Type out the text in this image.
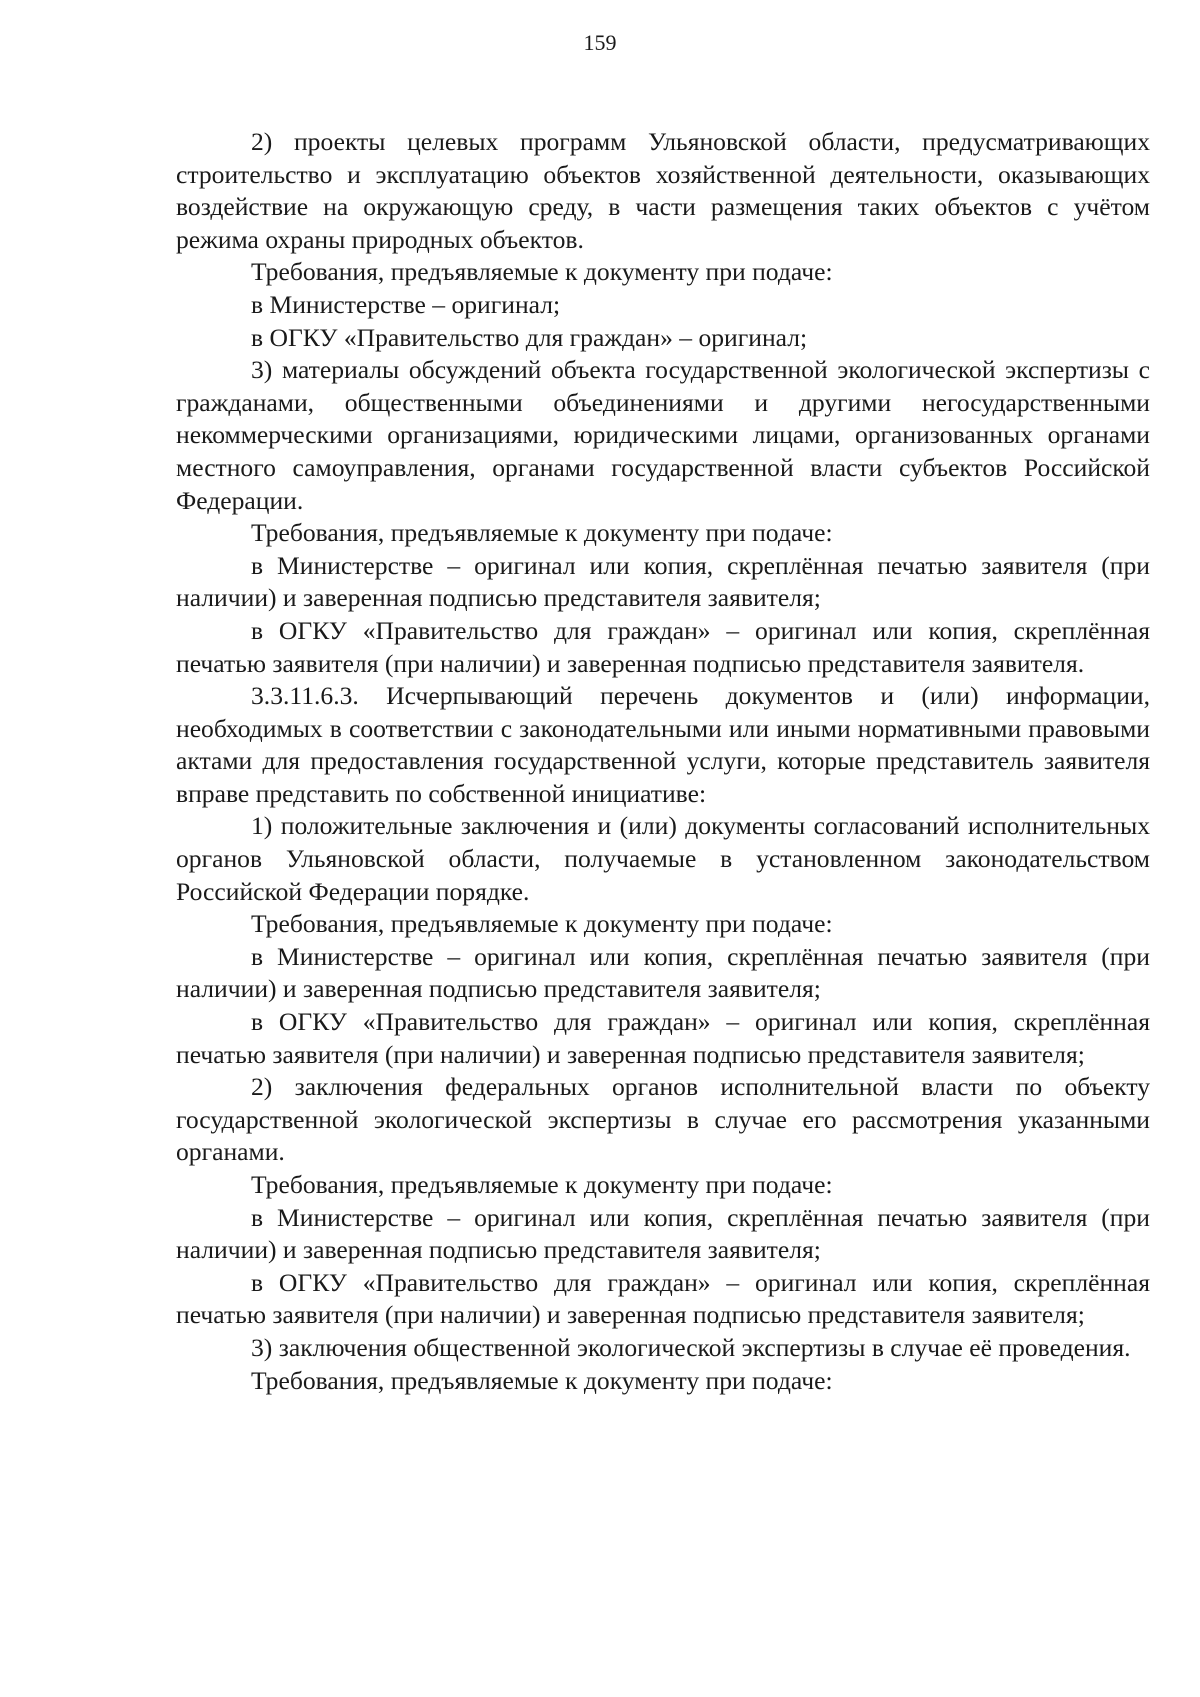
159

2) проекты целевых программ Ульяновской области, предусматривающих строительство и эксплуатацию объектов хозяйственной деятельности, оказывающих воздействие на окружающую среду, в части размещения таких объектов с учётом режима охраны природных объектов.

Требования, предъявляемые к документу при подаче:

в Министерстве – оригинал;

в ОГКУ «Правительство для граждан» – оригинал;

3) материалы обсуждений объекта государственной экологической экспертизы с гражданами, общественными объединениями и другими негосударственными некоммерческими организациями, юридическими лицами, организованных органами местного самоуправления, органами государственной власти субъектов Российской Федерации.

Требования, предъявляемые к документу при подаче:

в Министерстве – оригинал или копия, скреплённая печатью заявителя (при наличии) и заверенная подписью представителя заявителя;

в ОГКУ «Правительство для граждан» – оригинал или копия, скреплённая печатью заявителя (при наличии) и заверенная подписью представителя заявителя.

3.3.11.6.3. Исчерпывающий перечень документов и (или) информации, необходимых в соответствии с законодательными или иными нормативными правовыми актами для предоставления государственной услуги, которые представитель заявителя вправе представить по собственной инициативе:

1) положительные заключения и (или) документы согласований исполнительных органов Ульяновской области, получаемые в установленном законодательством Российской Федерации порядке.

Требования, предъявляемые к документу при подаче:

в Министерстве – оригинал или копия, скреплённая печатью заявителя (при наличии) и заверенная подписью представителя заявителя;

в ОГКУ «Правительство для граждан» – оригинал или копия, скреплённая печатью заявителя (при наличии) и заверенная подписью представителя заявителя;

2) заключения федеральных органов исполнительной власти по объекту государственной экологической экспертизы в случае его рассмотрения указанными органами.

Требования, предъявляемые к документу при подаче:

в Министерстве – оригинал или копия, скреплённая печатью заявителя (при наличии) и заверенная подписью представителя заявителя;

в ОГКУ «Правительство для граждан» – оригинал или копия, скреплённая печатью заявителя (при наличии) и заверенная подписью представителя заявителя;

3) заключения общественной экологической экспертизы в случае её проведения.

Требования, предъявляемые к документу при подаче:
